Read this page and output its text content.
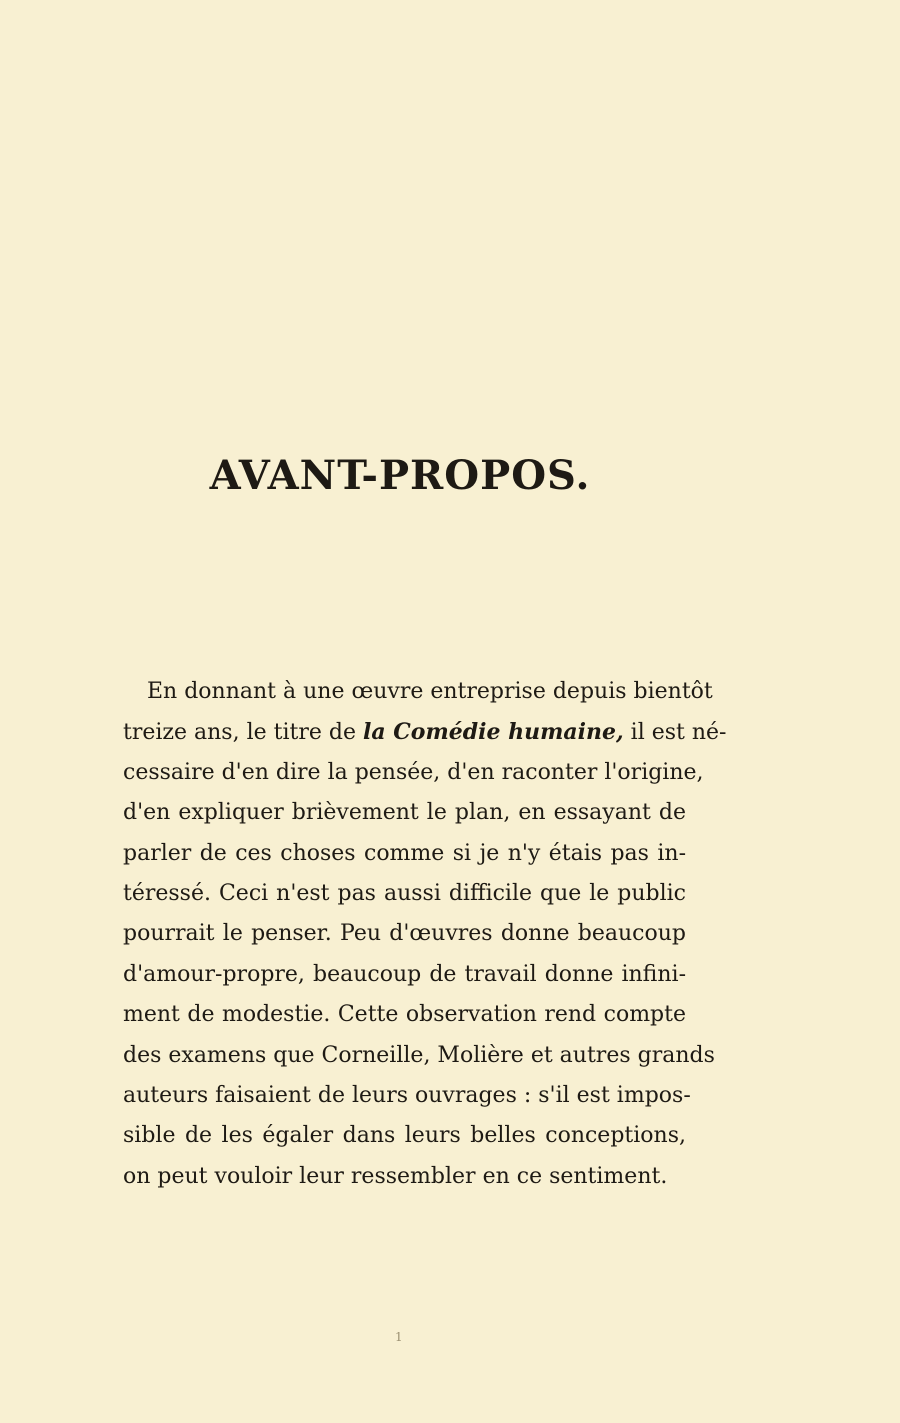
AVANT-PROPOS.
En donnant à une œuvre entreprise depuis bientôt
treize ans, le titre de la Comédie humaine, il est né-
cessaire d'en dire la pensée, d'en raconter l'origine,
d'en expliquer brièvement le plan, en essayant de
parler de ces choses comme si je n'y étais pas in-
téressé. Ceci n'est pas aussi difficile que le public
pourrait le penser. Peu d'œuvres donne beaucoup
d'amour-propre, beaucoup de travail donne infini-
ment de modestie. Cette observation rend compte
des examens que Corneille, Molière et autres grands
auteurs faisaient de leurs ouvrages : s'il est impos-
sible de les égaler dans leurs belles conceptions,
on peut vouloir leur ressembler en ce sentiment.
1
